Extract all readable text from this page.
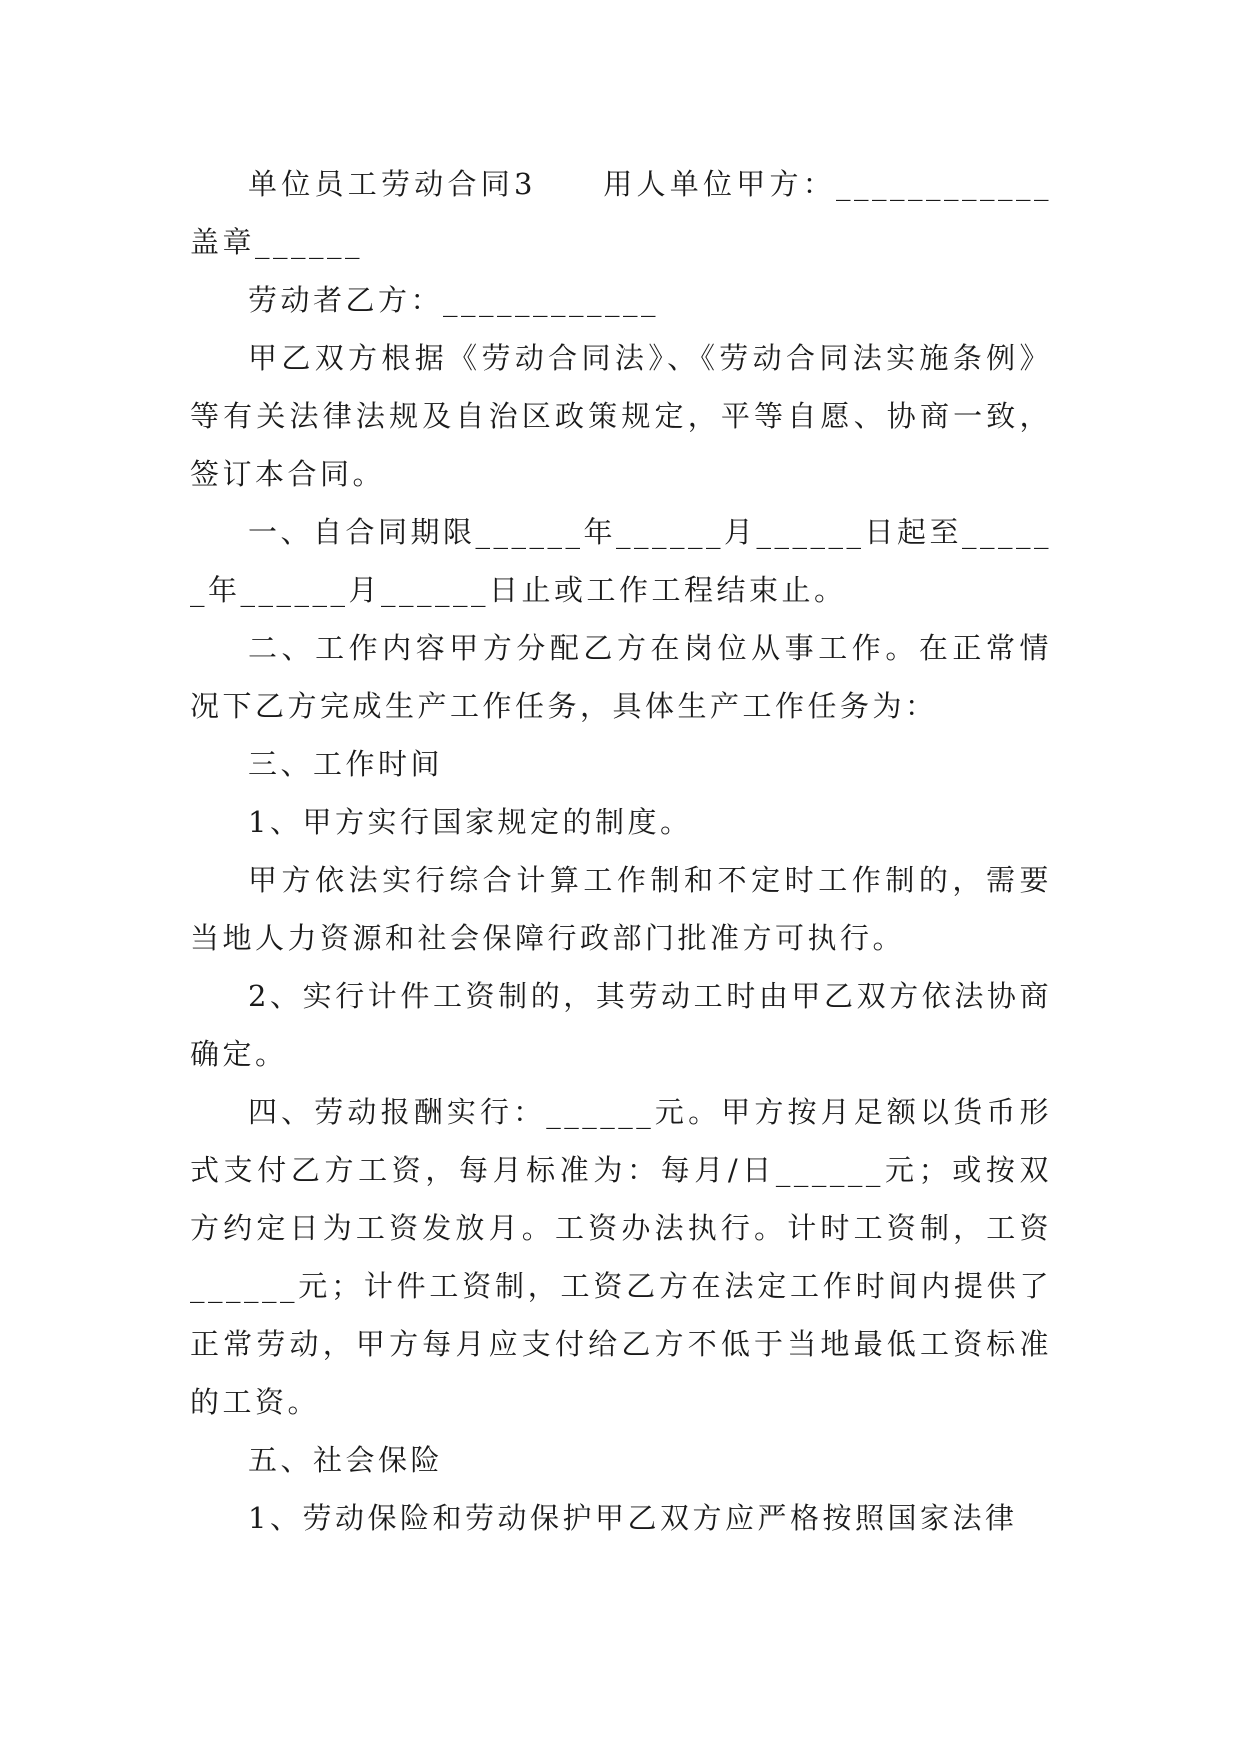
单位员工劳动合同3　　用人单位甲方：____________盖章______

劳动者乙方：____________

甲乙双方根据《劳动合同法》、《劳动合同法实施条例》等有关法律法规及自治区政策规定，平等自愿、协商一致，签订本合同。

一、自合同期限______年______月______日起至______年______月______日止或工作工程结束止。

二、工作内容甲方分配乙方在岗位从事工作。在正常情况下乙方完成生产工作任务，具体生产工作任务为：

三、工作时间

1、甲方实行国家规定的制度。

甲方依法实行综合计算工作制和不定时工作制的，需要当地人力资源和社会保障行政部门批准方可执行。

2、实行计件工资制的，其劳动工时由甲乙双方依法协商确定。

四、劳动报酬实行：______元。甲方按月足额以货币形式支付乙方工资，每月标准为：每月/日______元；或按双方约定日为工资发放月。工资办法执行。计时工资制，工资______元；计件工资制，工资乙方在法定工作时间内提供了正常劳动，甲方每月应支付给乙方不低于当地最低工资标准的工资。

五、社会保险

1、劳动保险和劳动保护甲乙双方应严格按照国家法律
